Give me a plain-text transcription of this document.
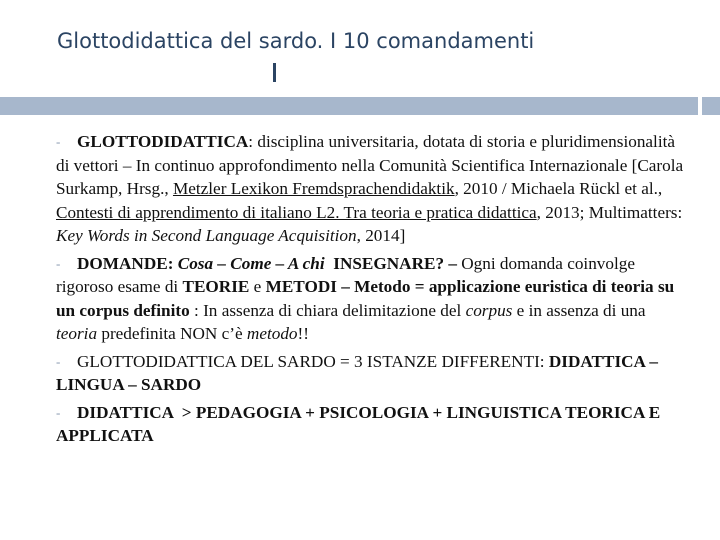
Glottodidattica del sardo. I 10 comandamenti

- GLOTTODIDATTICA: disciplina universitaria, dotata di storia e pluridimensionalità di vettori – In continuo approfondimento nella Comunità Scientifica Internazionale [Carola Surkamp, Hrsg., Metzler Lexikon Fremdsprachendidaktik, 2010 / Michaela Rückl et al., Contesti di apprendimento di italiano L2. Tra teoria e pratica didattica, 2013; Multimatters: Key Words in Second Language Acquisition, 2014]

- DOMANDE: Cosa – Come – A chi  INSEGNARE? – Ogni domanda coinvolge rigoroso esame di TEORIE e METODI – Metodo = applicazione euristica di teoria su un corpus definito : In assenza di chiara delimitazione del corpus e in assenza di una teoria predefinita NON c’è metodo!!

- GLOTTODIDATTICA DEL SARDO = 3 ISTANZE DIFFERENTI: DIDATTICA – LINGUA – SARDO

- DIDATTICA  > PEDAGOGIA + PSICOLOGIA + LINGUISTICA TEORICA E APPLICATA
